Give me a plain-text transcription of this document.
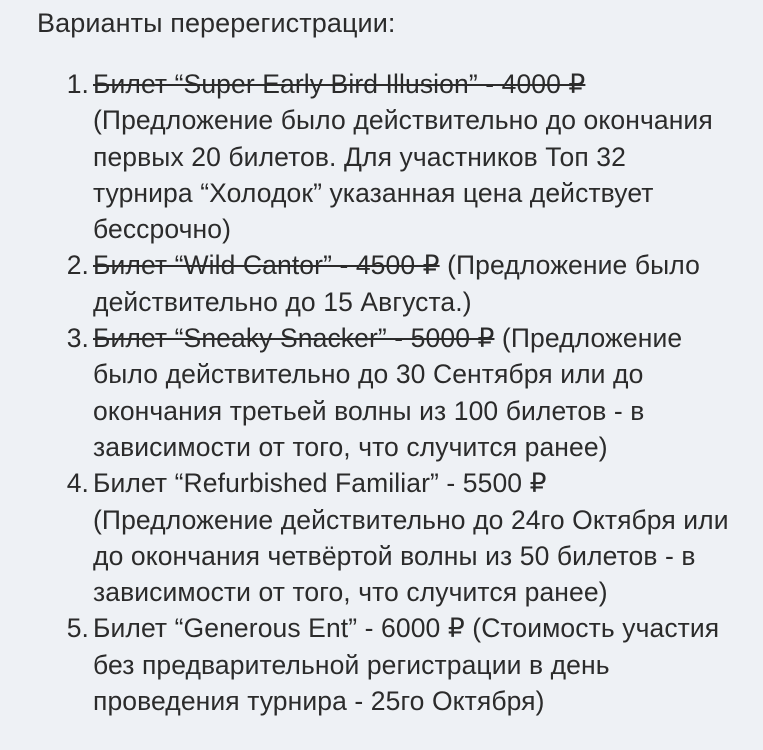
Варианты перерегистрации:
1. Билет “Super Early Bird Illusion” - 4000 ₽ (Предложение было действительно до окончания первых 20 билетов. Для участников Топ 32 турнира “Холодок” указанная цена действует бессрочно)
2. Билет “Wild Cantor” - 4500 ₽ (Предложение было действительно до 15 Августа.)
3. Билет “Sneaky Snacker” - 5000 ₽ (Предложение было действительно до 30 Сентября или до окончания третьей волны из 100 билетов - в зависимости от того, что случится ранее)
4. Билет “Refurbished Familiar” - 5500 ₽ (Предложение действительно до 24го Октября или до окончания четвёртой волны из 50 билетов - в зависимости от того, что случится ранее)
5. Билет “Generous Ent” - 6000 ₽ (Стоимость участия без предварительной регистрации в день проведения турнира - 25го Октября)
